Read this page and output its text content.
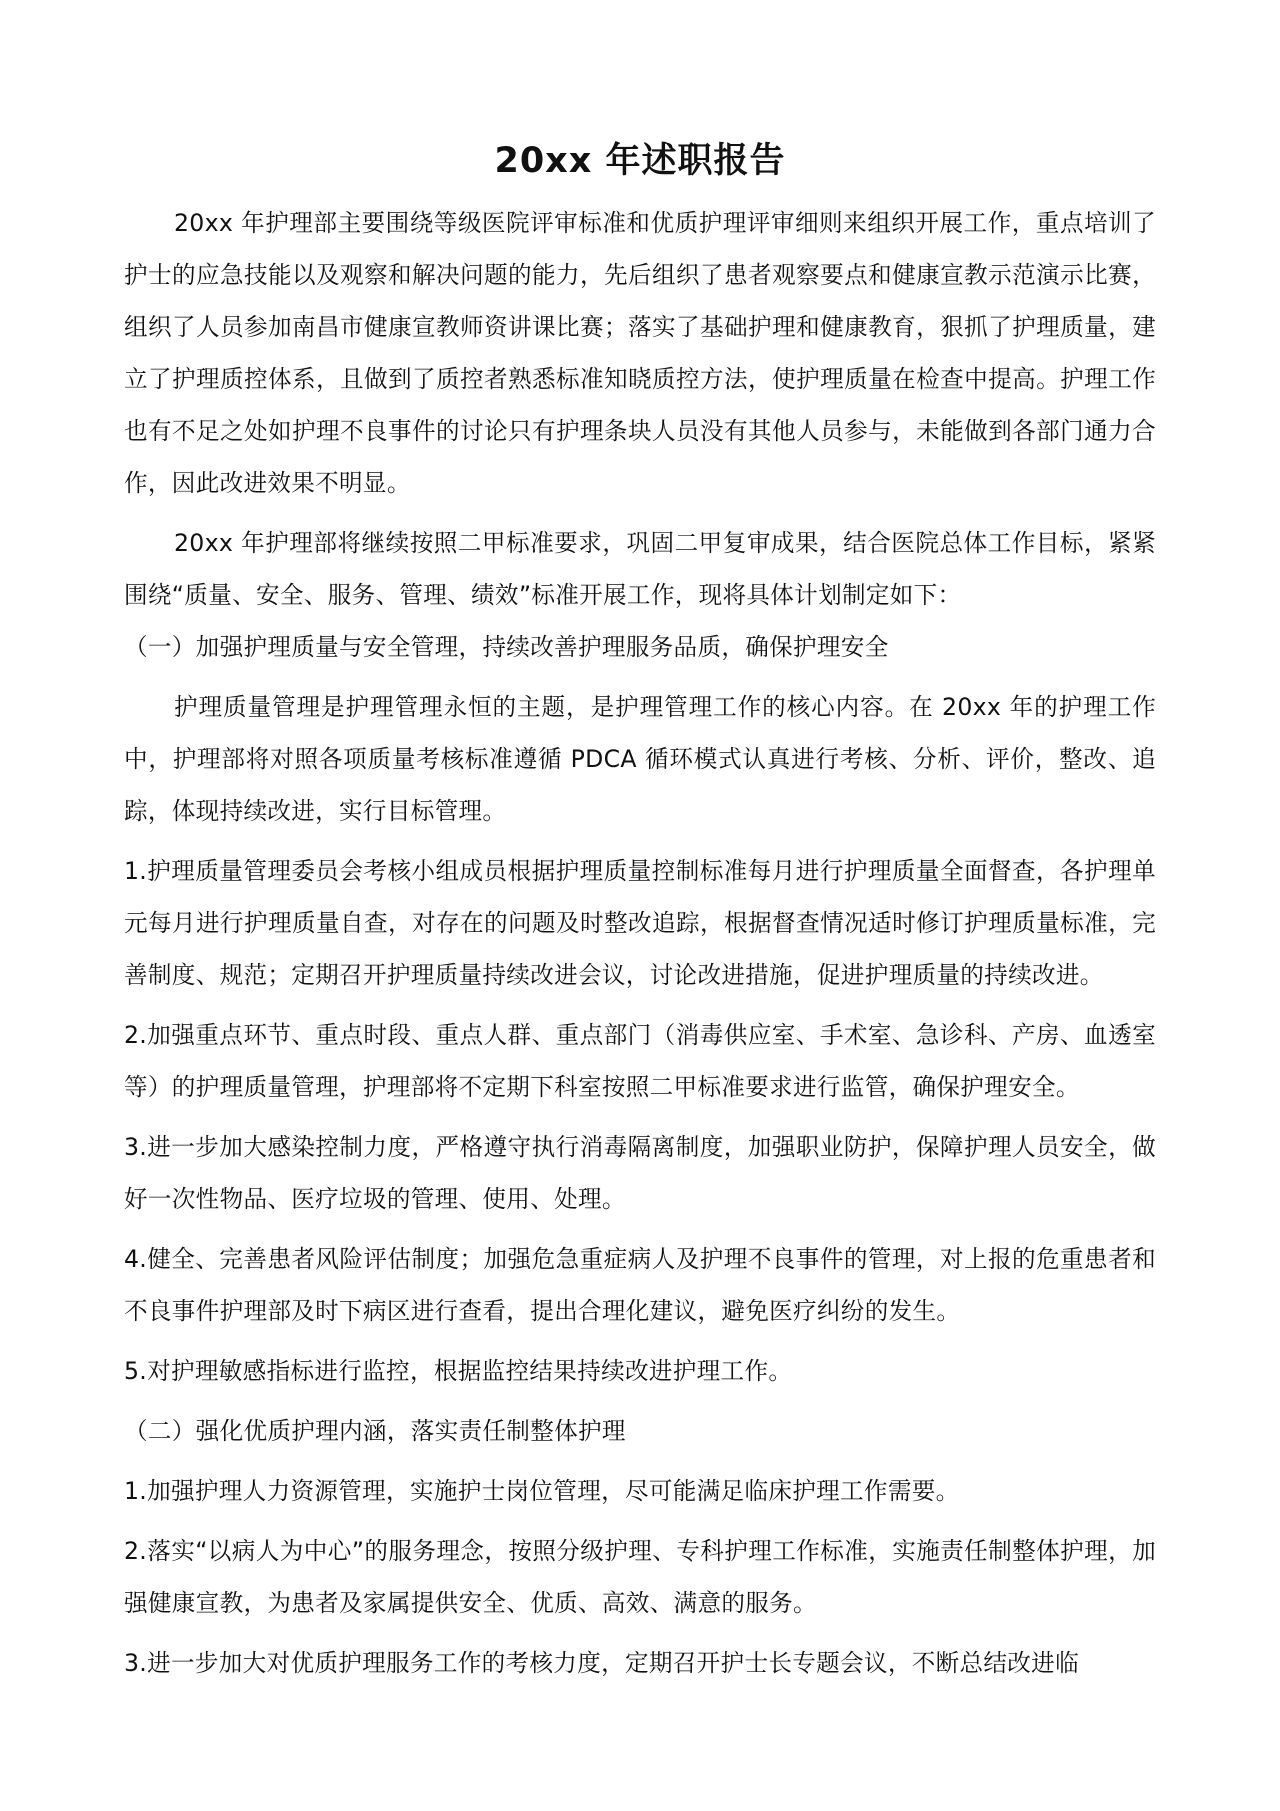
20xx 年述职报告

20xx 年护理部主要围绕等级医院评审标准和优质护理评审细则来组织开展工作，重点培训了护士的应急技能以及观察和解决问题的能力，先后组织了患者观察要点和健康宣教示范演示比赛，组织了人员参加南昌市健康宣教师资讲课比赛；落实了基础护理和健康教育，狠抓了护理质量，建立了护理质控体系，且做到了质控者熟悉标准知晓质控方法，使护理质量在检查中提高。护理工作也有不足之处如护理不良事件的讨论只有护理条块人员没有其他人员参与，未能做到各部门通力合作，因此改进效果不明显。

20xx 年护理部将继续按照二甲标准要求，巩固二甲复审成果，结合医院总体工作目标，紧紧围绕“质量、安全、服务、管理、绩效”标准开展工作，现将具体计划制定如下：

（一）加强护理质量与安全管理，持续改善护理服务品质，确保护理安全

护理质量管理是护理管理永恒的主题，是护理管理工作的核心内容。在 20xx 年的护理工作中，护理部将对照各项质量考核标准遵循 PDCA 循环模式认真进行考核、分析、评价，整改、追踪，体现持续改进，实行目标管理。

1.护理质量管理委员会考核小组成员根据护理质量控制标准每月进行护理质量全面督查，各护理单元每月进行护理质量自查，对存在的问题及时整改追踪，根据督查情况适时修订护理质量标准，完善制度、规范；定期召开护理质量持续改进会议，讨论改进措施，促进护理质量的持续改进。

2.加强重点环节、重点时段、重点人群、重点部门（消毒供应室、手术室、急诊科、产房、血透室等）的护理质量管理，护理部将不定期下科室按照二甲标准要求进行监管，确保护理安全。

3.进一步加大感染控制力度，严格遵守执行消毒隔离制度，加强职业防护，保障护理人员安全，做好一次性物品、医疗垃圾的管理、使用、处理。

4.健全、完善患者风险评估制度；加强危急重症病人及护理不良事件的管理，对上报的危重患者和不良事件护理部及时下病区进行查看，提出合理化建议，避免医疗纠纷的发生。

5.对护理敏感指标进行监控，根据监控结果持续改进护理工作。

（二）强化优质护理内涵，落实责任制整体护理

1.加强护理人力资源管理，实施护士岗位管理，尽可能满足临床护理工作需要。

2.落实“以病人为中心”的服务理念，按照分级护理、专科护理工作标准，实施责任制整体护理，加强健康宣教，为患者及家属提供安全、优质、高效、满意的服务。

3.进一步加大对优质护理服务工作的考核力度，定期召开护士长专题会议，不断总结改进临
